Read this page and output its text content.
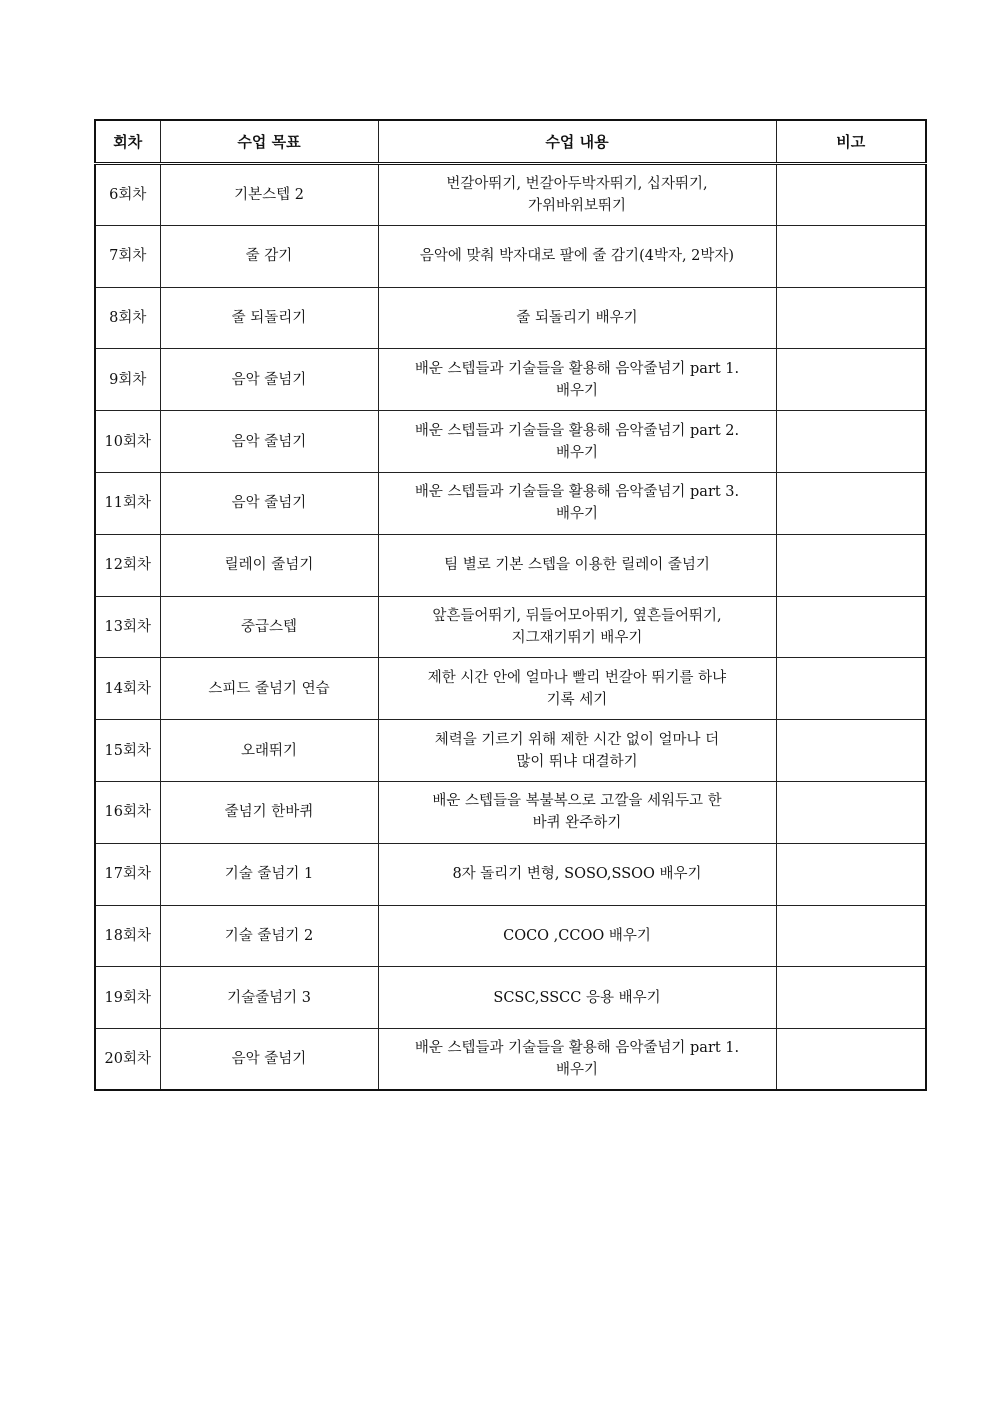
회차	수업 목표	수업 내용	비고
6회차	기본스텝 2	번갈아뛰기, 번갈아두박자뛰기, 십자뛰기,
가위바위보뛰기	

7회차	줄 감기	음악에 맞춰 박자대로 팔에 줄 감기(4박자, 2박자)	

8회차	줄 되돌리기	줄 되돌리기 배우기	

9회차	음악 줄넘기	배운 스텝들과 기술들을 활용해 음악줄넘기 part 1.
배우기	

10회차	음악 줄넘기	배운 스텝들과 기술들을 활용해 음악줄넘기 part 2.
배우기	

11회차	음악 줄넘기	배운 스텝들과 기술들을 활용해 음악줄넘기 part 3.
배우기	

12회차	릴레이 줄넘기	팀 별로 기본 스텝을 이용한 릴레이 줄넘기	

13회차	중급스텝	앞흔들어뛰기, 뒤들어모아뛰기, 옆흔들어뛰기,
지그재기뛰기 배우기	

14회차	스피드 줄넘기 연습	제한 시간 안에 얼마나 빨리 번갈아 뛰기를 하냐
기록 세기	

15회차	오래뛰기	체력을 기르기 위해 제한 시간 없이 얼마나 더
많이 뛰냐 대결하기	

16회차	줄넘기 한바퀴	배운 스텝들을 복불복으로 고깔을 세워두고 한
바퀴 완주하기	

17회차	기술 줄넘기 1	8자 돌리기 변형, SOSO,SSOO 배우기	

18회차	기술 줄넘기 2	COCO ,CCOO 배우기	

19회차	기술줄넘기 3	SCSC,SSCC 응용 배우기	

20회차	음악 줄넘기	배운 스텝들과 기술들을 활용해 음악줄넘기 part 1.
배우기	
